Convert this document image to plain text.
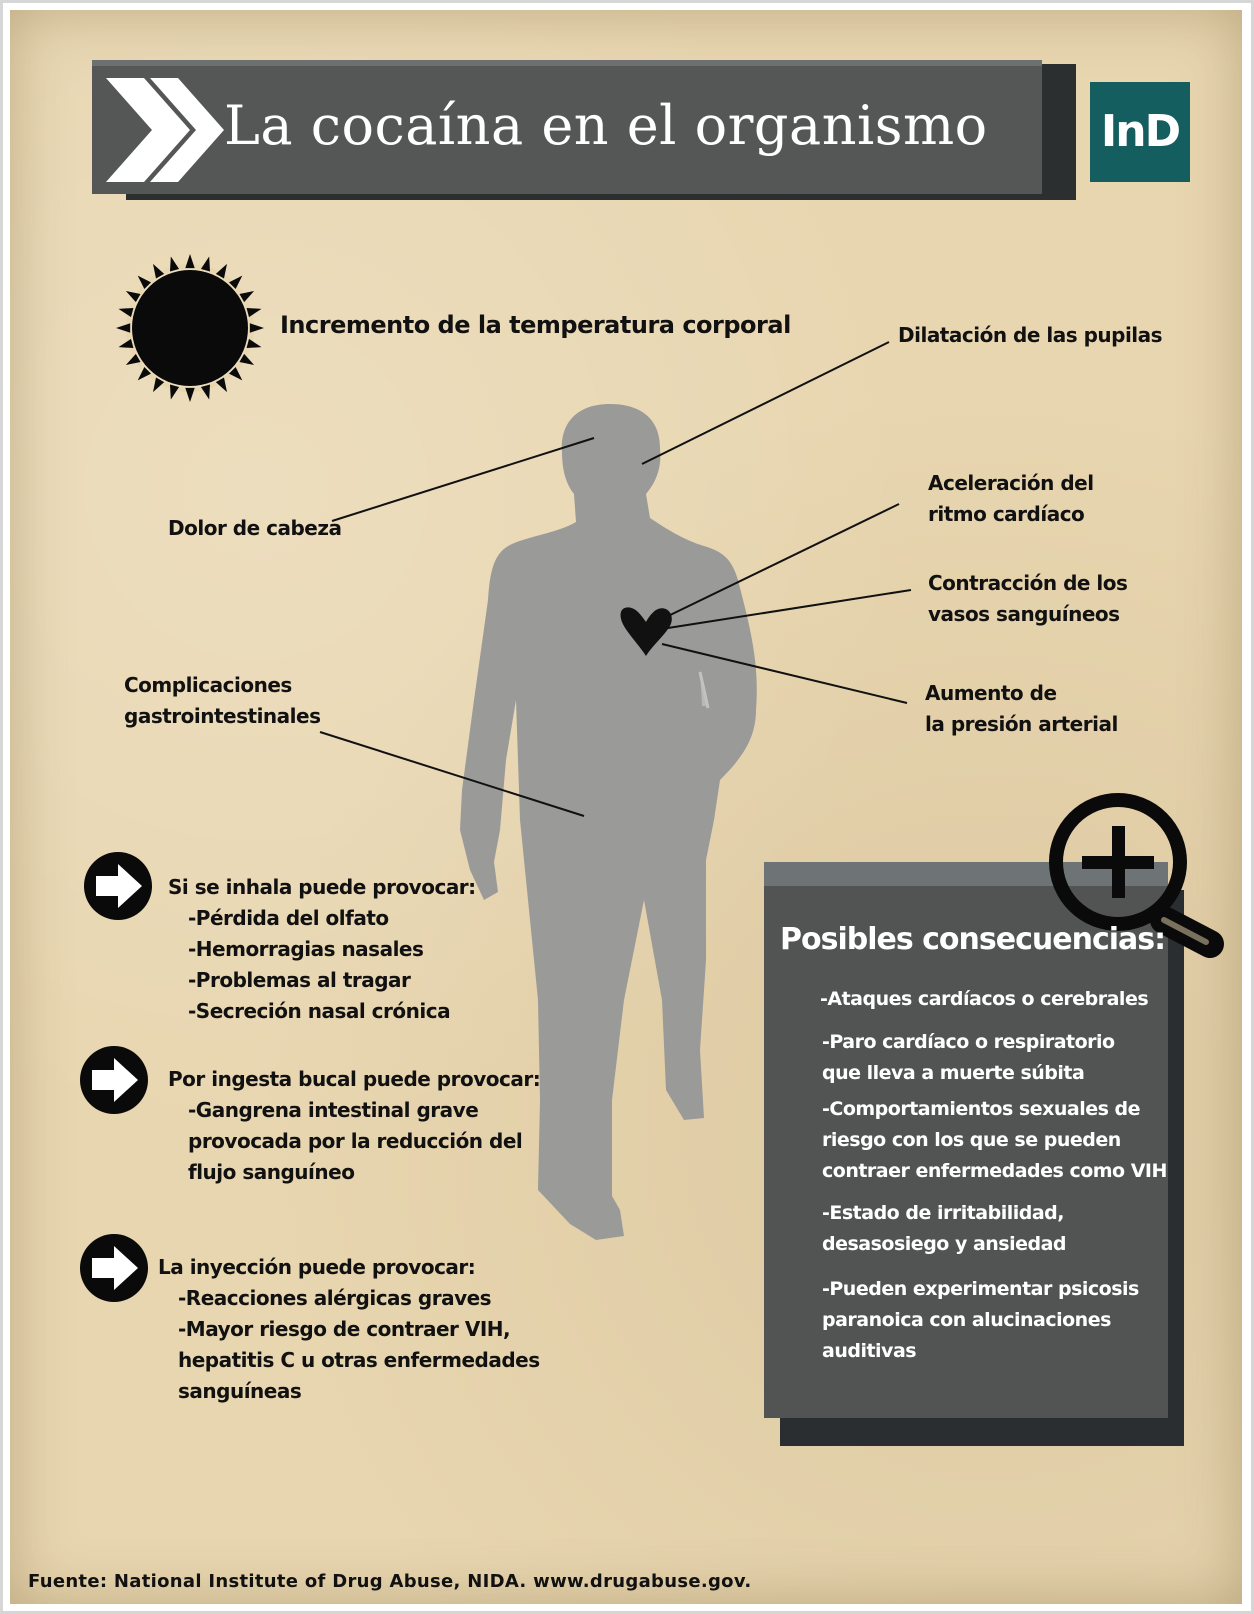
La cocaína en el organismo	InD
Incremento de la temperatura corporal	Dilatación de las pupilas
Dolor de cabeza
Aceleración del
ritmo cardíaco
Contracción de los
vasos sanguíneos
Aumento de
la presión arterial
Complicaciones
gastrointestinales
Si se inhala puede provocar:
-Pérdida del olfato
-Hemorragias nasales
-Problemas al tragar
-Secreción nasal crónica
Por ingesta bucal puede provocar:
-Gangrena intestinal grave
provocada por la reducción del
flujo sanguíneo
La inyección puede provocar:
-Reacciones alérgicas graves
-Mayor riesgo de contraer VIH,
hepatitis C u otras enfermedades
sanguíneas
Posibles consecuencias:
-Ataques cardíacos o cerebrales
-Paro cardíaco o respiratorio
que lleva a muerte súbita
-Comportamientos sexuales de
riesgo con los que se pueden
contraer enfermedades como VIH
-Estado de irritabilidad,
desasosiego y ansiedad
-Pueden experimentar psicosis
paranoica con alucinaciones
auditivas
Fuente: National Institute of Drug Abuse, NIDA. www.drugabuse.gov.
